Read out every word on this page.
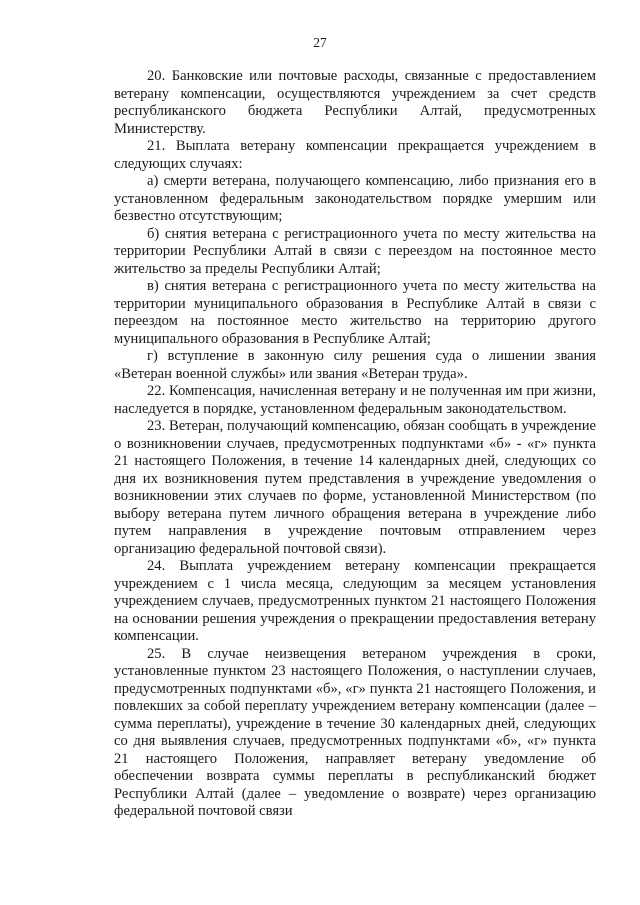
27

20. Банковские или почтовые расходы, связанные с предоставлением ветерану компенсации, осуществляются учреждением за счет средств республиканского бюджета Республики Алтай, предусмотренных Министерству.

21. Выплата ветерану компенсации прекращается учреждением в следующих случаях:

а) смерти ветерана, получающего компенсацию, либо признания его в установленном федеральным законодательством порядке умершим или безвестно отсутствующим;

б) снятия ветерана с регистрационного учета по месту жительства на территории Республики Алтай в связи с переездом на постоянное место жительство за пределы Республики Алтай;

в) снятия ветерана с регистрационного учета по месту жительства на территории муниципального образования в Республике Алтай в связи с переездом на постоянное место жительство на территорию другого муниципального образования в Республике Алтай;

г) вступление в законную силу решения суда о лишении звания «Ветеран военной службы» или звания «Ветеран труда».

22. Компенсация, начисленная ветерану и не полученная им при жизни, наследуется в порядке, установленном федеральным законодательством.

23. Ветеран, получающий компенсацию, обязан сообщать в учреждение о возникновении случаев, предусмотренных подпунктами «б» - «г» пункта 21 настоящего Положения, в течение 14 календарных дней, следующих со дня их возникновения путем представления в учреждение уведомления о возникновении этих случаев по форме, установленной Министерством (по выбору ветерана путем личного обращения ветерана в учреждение либо путем направления в учреждение почтовым отправлением через организацию федеральной почтовой связи).

24. Выплата учреждением ветерану компенсации прекращается учреждением с 1 числа месяца, следующим за месяцем установления учреждением случаев, предусмотренных пунктом 21 настоящего Положения на основании решения учреждения о прекращении предоставления ветерану компенсации.

25. В случае неизвещения ветераном учреждения в сроки, установленные пунктом 23 настоящего Положения, о наступлении случаев, предусмотренных подпунктами «б», «г» пункта 21 настоящего Положения, и повлекших за собой переплату учреждением ветерану компенсации (далее – сумма переплаты), учреждение в течение 30 календарных дней, следующих со дня выявления случаев, предусмотренных подпунктами «б», «г» пункта 21 настоящего Положения, направляет ветерану уведомление об обеспечении возврата суммы переплаты в республиканский бюджет Республики Алтай (далее – уведомление о возврате) через организацию федеральной почтовой связи
